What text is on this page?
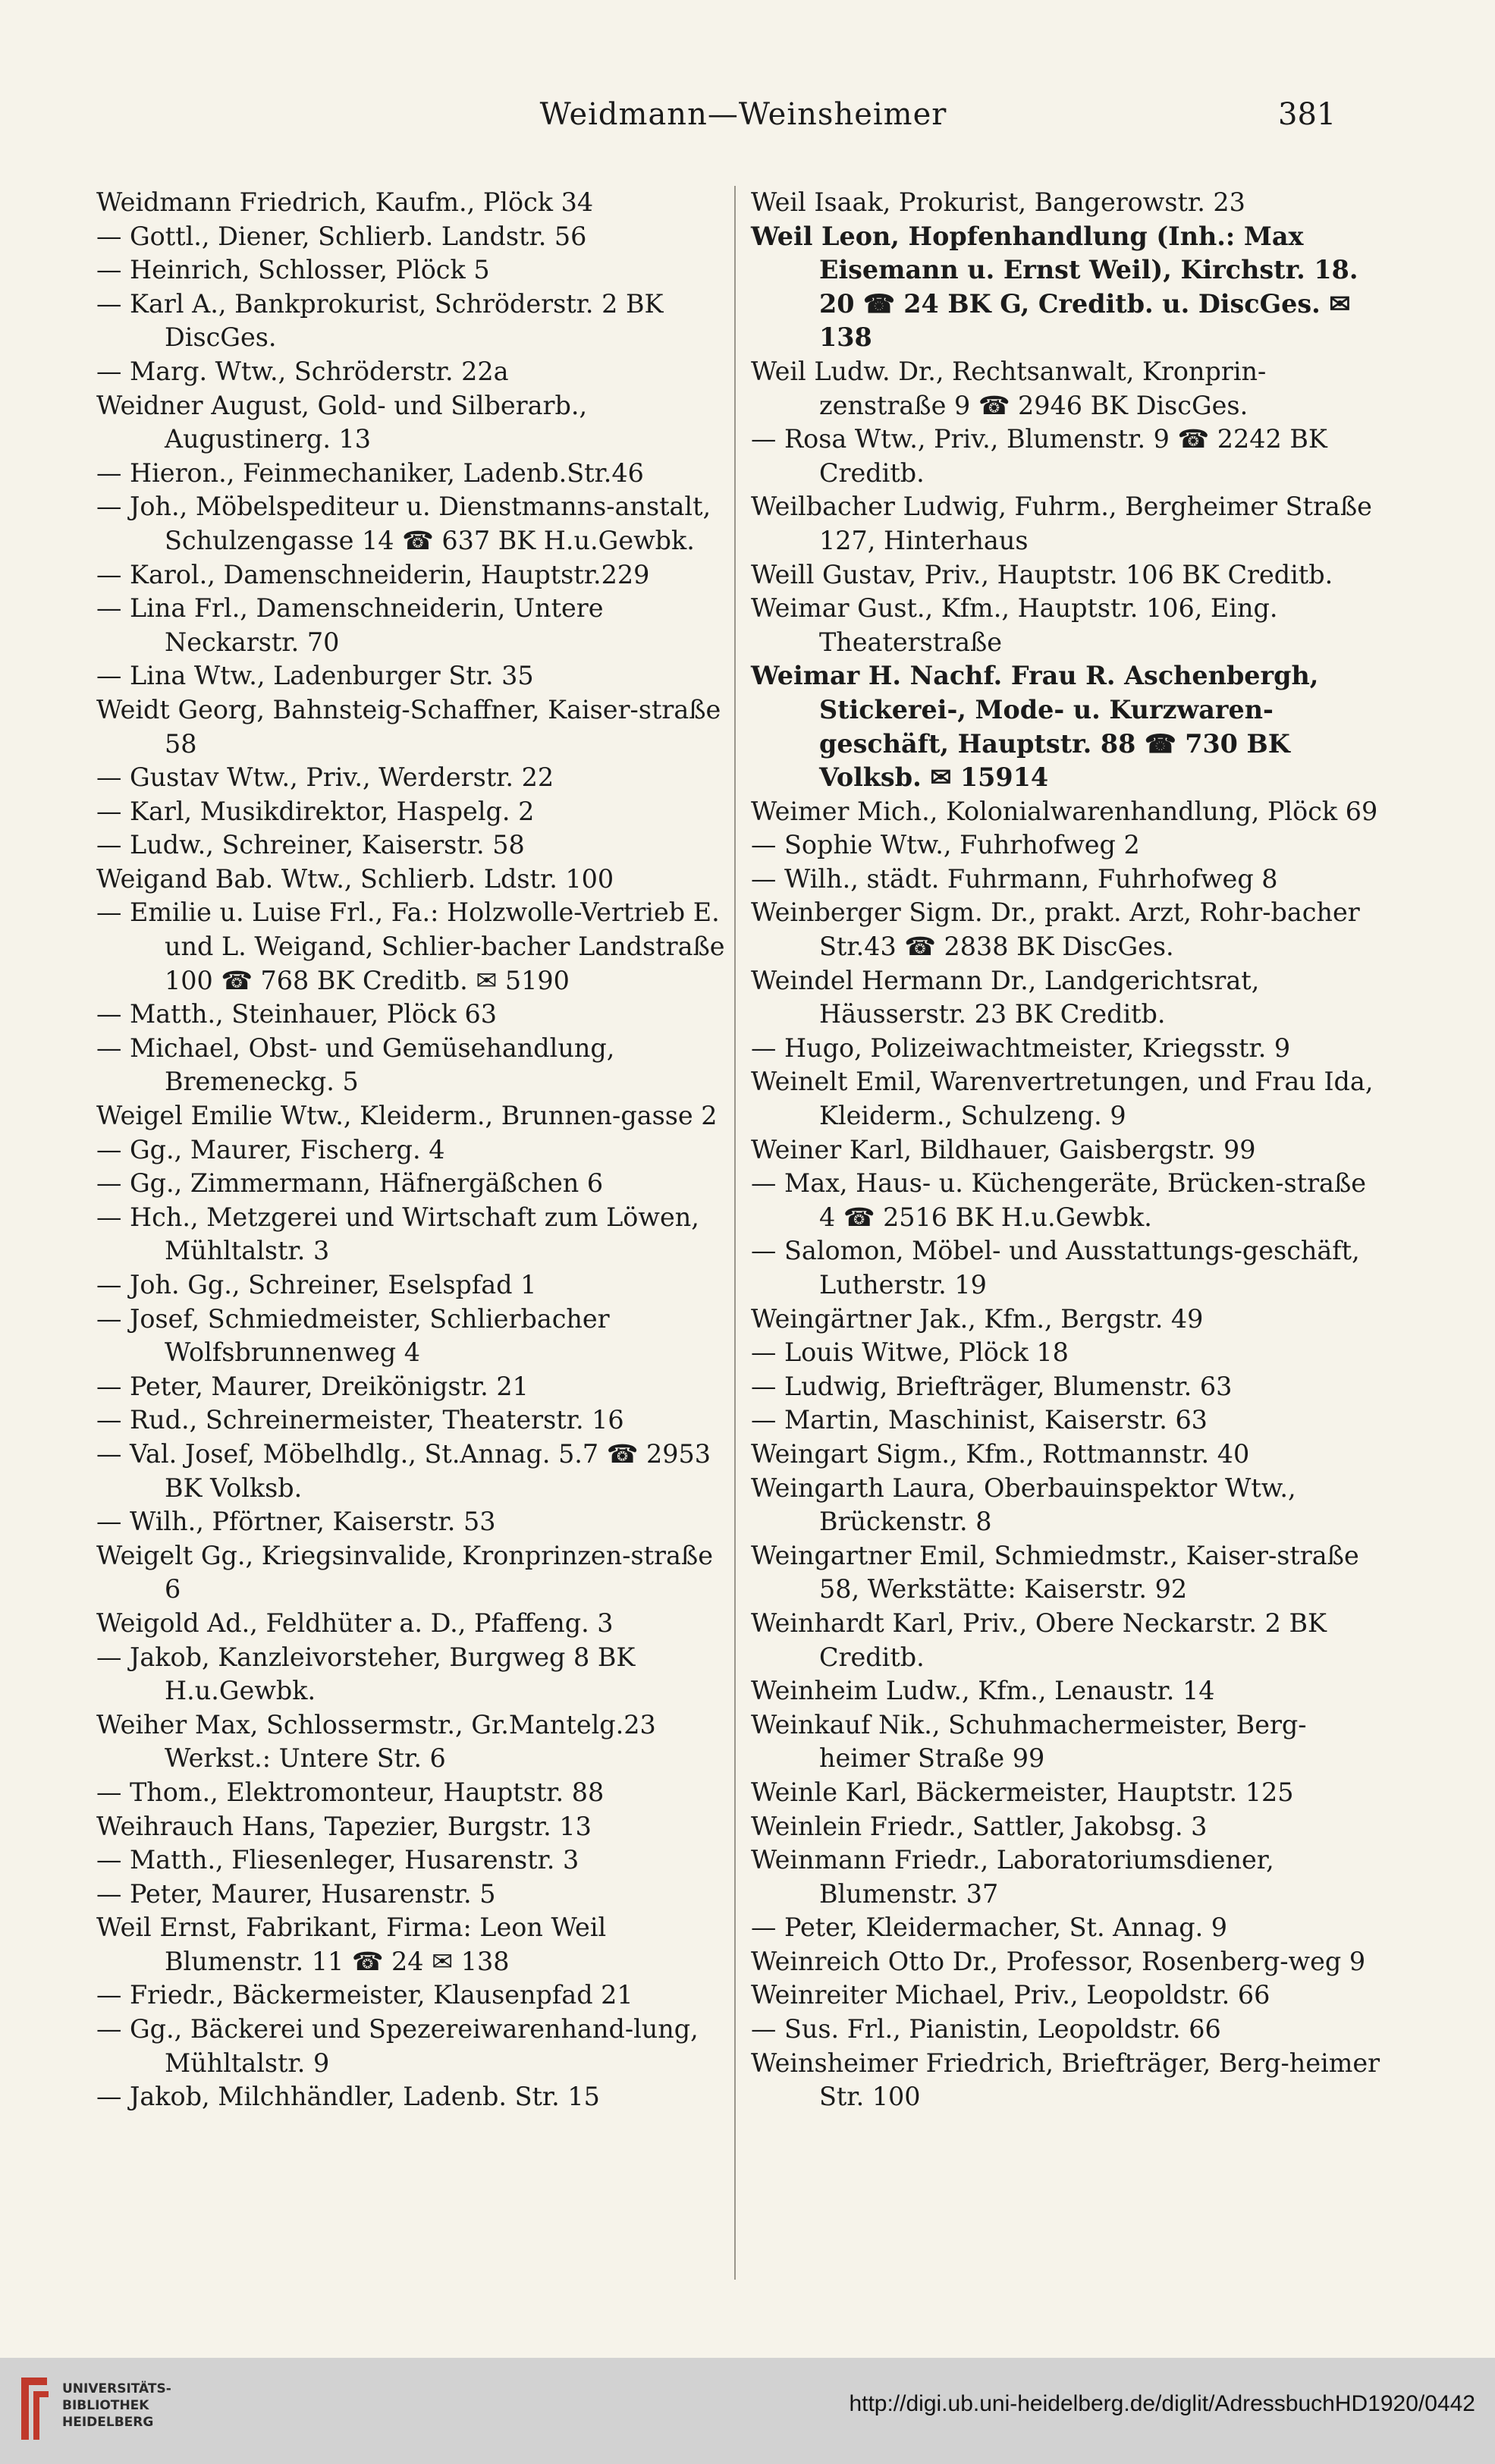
Weidmann—Weinsheimer	381
Weidmann Friedrich, Kaufm., Plöck 34
— Gottl., Diener, Schlierb. Landstr. 56
— Heinrich, Schlosser, Plöck 5
— Karl A., Bankprokurist, Schröderstr. 2 BK DiscGes.
— Marg. Wtw., Schröderstr. 22a
Weidner August, Gold- und Silberarb., Augustinerg. 13
— Hieron., Feinmechaniker, Ladenb.Str.46
— Joh., Möbelspediteur u. Dienstmanns-anstalt, Schulzengasse 14 ☎ 637 BK H.u.Gewbk.
— Karol., Damenschneiderin, Hauptstr.229
— Lina Frl., Damenschneiderin, Untere Neckarstr. 70
— Lina Wtw., Ladenburger Str. 35
Weidt Georg, Bahnsteig-Schaffner, Kaiser-straße 58
— Gustav Wtw., Priv., Werderstr. 22
— Karl, Musikdirektor, Haspelg. 2
— Ludw., Schreiner, Kaiserstr. 58
Weigand Bab. Wtw., Schlierb. Ldstr. 100
— Emilie u. Luise Frl., Fa.: Holzwolle-Vertrieb E. und L. Weigand, Schlier-bacher Landstraße 100 ☎ 768 BK Creditb. ✉ 5190
— Matth., Steinhauer, Plöck 63
— Michael, Obst- und Gemüsehandlung, Bremeneckg. 5
Weigel Emilie Wtw., Kleiderm., Brunnen-gasse 2
— Gg., Maurer, Fischerg. 4
— Gg., Zimmermann, Häfnergäßchen 6
— Hch., Metzgerei und Wirtschaft zum Löwen, Mühltalstr. 3
— Joh. Gg., Schreiner, Eselspfad 1
— Josef, Schmiedmeister, Schlierbacher Wolfsbrunnenweg 4
— Peter, Maurer, Dreikönigstr. 21
— Rud., Schreinermeister, Theaterstr. 16
— Val. Josef, Möbelhdlg., St.Annag. 5.7 ☎ 2953 BK Volksb.
— Wilh., Pförtner, Kaiserstr. 53
Weigelt Gg., Kriegsinvalide, Kronprinzen-straße 6
Weigold Ad., Feldhüter a. D., Pfaffeng. 3
— Jakob, Kanzleivorsteher, Burgweg 8 BK H.u.Gewbk.
Weiher Max, Schlossermstr., Gr.Mantelg.23 Werkst.: Untere Str. 6
— Thom., Elektromonteur, Hauptstr. 88
Weihrauch Hans, Tapezier, Burgstr. 13
— Matth., Fliesenleger, Husarenstr. 3
— Peter, Maurer, Husarenstr. 5
Weil Ernst, Fabrikant, Firma: Leon Weil Blumenstr. 11 ☎ 24 ✉ 138
— Friedr., Bäckermeister, Klausenpfad 21
— Gg., Bäckerei und Spezereiwarenhand-lung, Mühltalstr. 9
— Jakob, Milchhändler, Ladenb. Str. 15
Weil Isaak, Prokurist, Bangerowstr. 23
Weil Leon, Hopfenhandlung (Inh.: Max Eisemann u. Ernst Weil), Kirchstr. 18. 20 ☎ 24 BK G, Creditb. u. DiscGes. ✉ 138
Weil Ludw. Dr., Rechtsanwalt, Kronprin-zenstraße 9 ☎ 2946 BK DiscGes.
— Rosa Wtw., Priv., Blumenstr. 9 ☎ 2242 BK Creditb.
Weilbacher Ludwig, Fuhrm., Bergheimer Straße 127, Hinterhaus
Weill Gustav, Priv., Hauptstr. 106 BK Creditb.
Weimar Gust., Kfm., Hauptstr. 106, Eing. Theaterstraße
Weimar H. Nachf. Frau R. Aschenbergh, Stickerei-, Mode- u. Kurzwaren-geschäft, Hauptstr. 88 ☎ 730 BK Volksb. ✉ 15914
Weimer Mich., Kolonialwarenhandlung, Plöck 69
— Sophie Wtw., Fuhrhofweg 2
— Wilh., städt. Fuhrmann, Fuhrhofweg 8
Weinberger Sigm. Dr., prakt. Arzt, Rohr-bacher Str.43 ☎ 2838 BK DiscGes.
Weindel Hermann Dr., Landgerichtsrat, Häusserstr. 23 BK Creditb.
— Hugo, Polizeiwachtmeister, Kriegsstr. 9
Weinelt Emil, Warenvertretungen, und Frau Ida, Kleiderm., Schulzeng. 9
Weiner Karl, Bildhauer, Gaisbergstr. 99
— Max, Haus- u. Küchengeräte, Brücken-straße 4 ☎ 2516 BK H.u.Gewbk.
— Salomon, Möbel- und Ausstattungs-geschäft, Lutherstr. 19
Weingärtner Jak., Kfm., Bergstr. 49
— Louis Witwe, Plöck 18
— Ludwig, Briefträger, Blumenstr. 63
— Martin, Maschinist, Kaiserstr. 63
Weingart Sigm., Kfm., Rottmannstr. 40
Weingarth Laura, Oberbauinspektor Wtw., Brückenstr. 8
Weingartner Emil, Schmiedmstr., Kaiser-straße 58, Werkstätte: Kaiserstr. 92
Weinhardt Karl, Priv., Obere Neckarstr. 2 BK Creditb.
Weinheim Ludw., Kfm., Lenaustr. 14
Weinkauf Nik., Schuhmachermeister, Berg-heimer Straße 99
Weinle Karl, Bäckermeister, Hauptstr. 125
Weinlein Friedr., Sattler, Jakobsg. 3
Weinmann Friedr., Laboratoriumsdiener, Blumenstr. 37
— Peter, Kleidermacher, St. Annag. 9
Weinreich Otto Dr., Professor, Rosenberg-weg 9
Weinreiter Michael, Priv., Leopoldstr. 66
— Sus. Frl., Pianistin, Leopoldstr. 66
Weinsheimer Friedrich, Briefträger, Berg-heimer Str. 100
UNIVERSITÄTS-
BIBLIOTHEK
HEIDELBERG
http://digi.ub.uni-heidelberg.de/diglit/AdressbuchHD1920/0442
